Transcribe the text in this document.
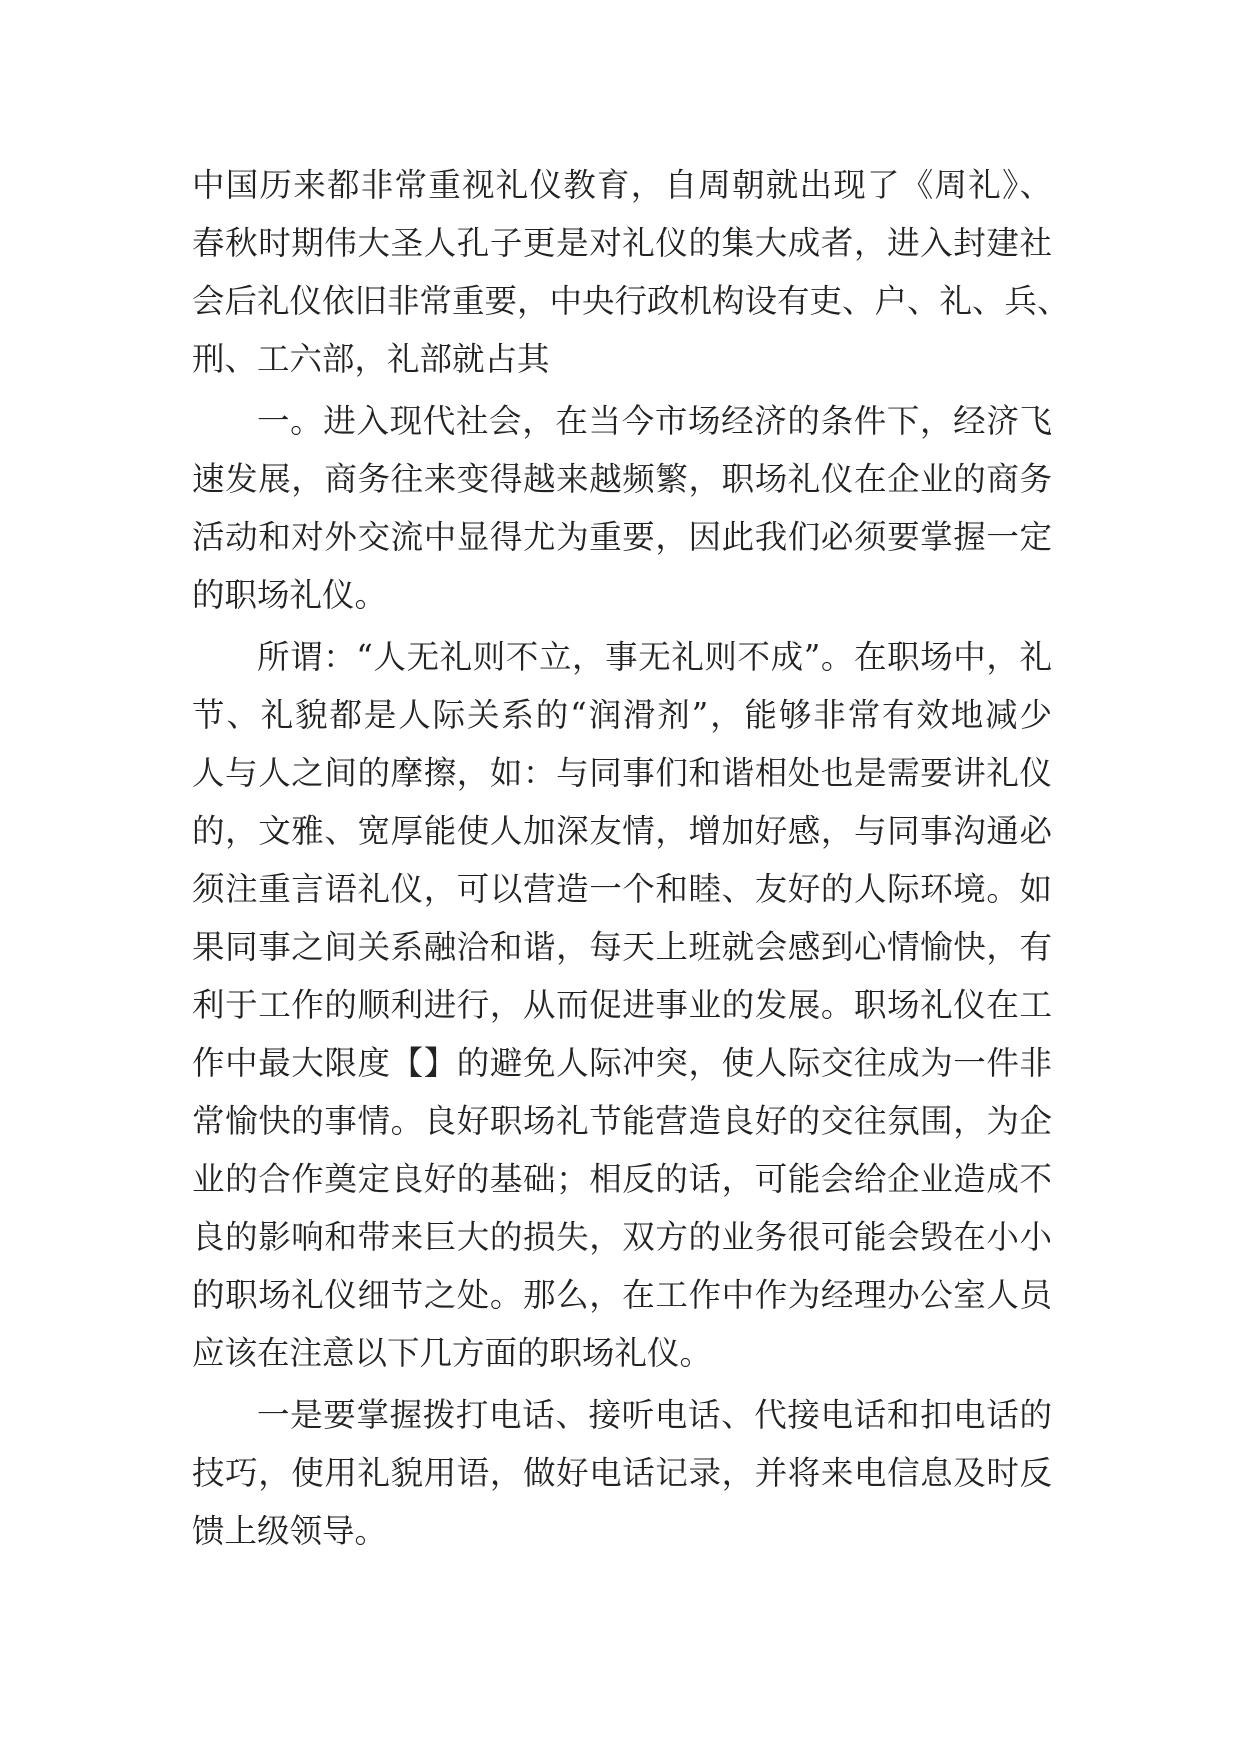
中国历来都非常重视礼仪教育，自周朝就出现了《周礼》、
春秋时期伟大圣人孔子更是对礼仪的集大成者，进入封建社
会后礼仪依旧非常重要，中央行政机构设有吏、户、礼、兵、
刑、工六部，礼部就占其
一。进入现代社会，在当今市场经济的条件下，经济飞
速发展，商务往来变得越来越频繁，职场礼仪在企业的商务
活动和对外交流中显得尤为重要，因此我们必须要掌握一定
的职场礼仪。
所谓：“人无礼则不立，事无礼则不成”。在职场中，礼
节、礼貌都是人际关系的“润滑剂”，能够非常有效地减少
人与人之间的摩擦，如：与同事们和谐相处也是需要讲礼仪
的，文雅、宽厚能使人加深友情，增加好感，与同事沟通必
须注重言语礼仪，可以营造一个和睦、友好的人际环境。如
果同事之间关系融洽和谐，每天上班就会感到心情愉快，有
利于工作的顺利进行，从而促进事业的发展。职场礼仪在工
作中最大限度【】的避免人际冲突，使人际交往成为一件非
常愉快的事情。良好职场礼节能营造良好的交往氛围，为企
业的合作奠定良好的基础；相反的话，可能会给企业造成不
良的影响和带来巨大的损失，双方的业务很可能会毁在小小
的职场礼仪细节之处。那么，在工作中作为经理办公室人员
应该在注意以下几方面的职场礼仪。
一是要掌握拨打电话、接听电话、代接电话和扣电话的
技巧，使用礼貌用语，做好电话记录，并将来电信息及时反
馈上级领导。
